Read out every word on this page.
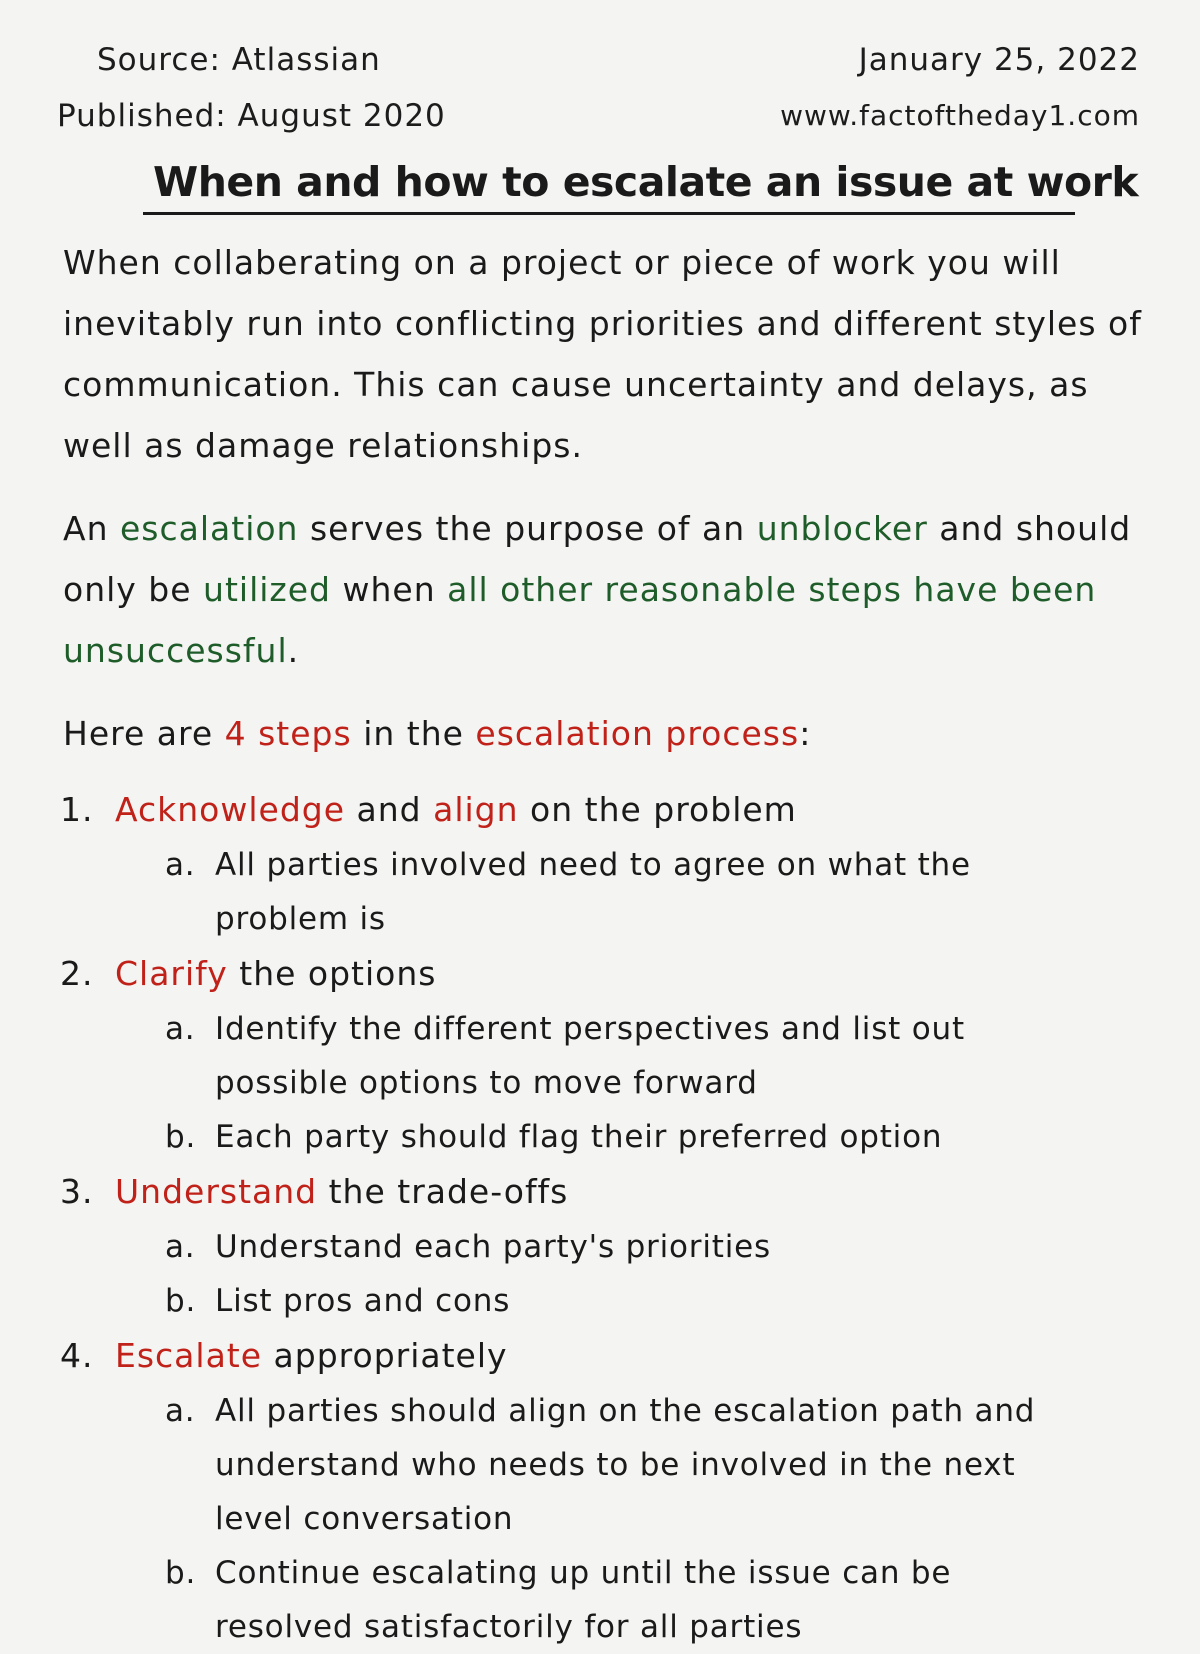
Source: Atlassian
Published: August 2020
January 25, 2022
www.factoftheday1.com
When and how to escalate an issue at work
When collaberating on a project or piece of work you will inevitably run into conflicting priorities and different styles of communication. This can cause uncertainty and delays, as well as damage relationships.
An escalation serves the purpose of an unblocker and should only be utilized when all other reasonable steps have been unsuccessful.
Here are 4 steps in the escalation process:
1. Acknowledge
and
align
on the problem
a. All parties involved need to agree on what the problem is
2. Clarify
the options
a. Identify the different perspectives and list out possible options to move forward
b. Each party should flag their preferred option
3. Understand
the trade-offs
a. Understand each party's priorities
b. List pros and cons
4. Escalate
appropriately
a. All parties should align on the escalation path and understand who needs to be involved in the next level conversation
b. Continue escalating up until the issue can be resolved satisfactorily for all parties
